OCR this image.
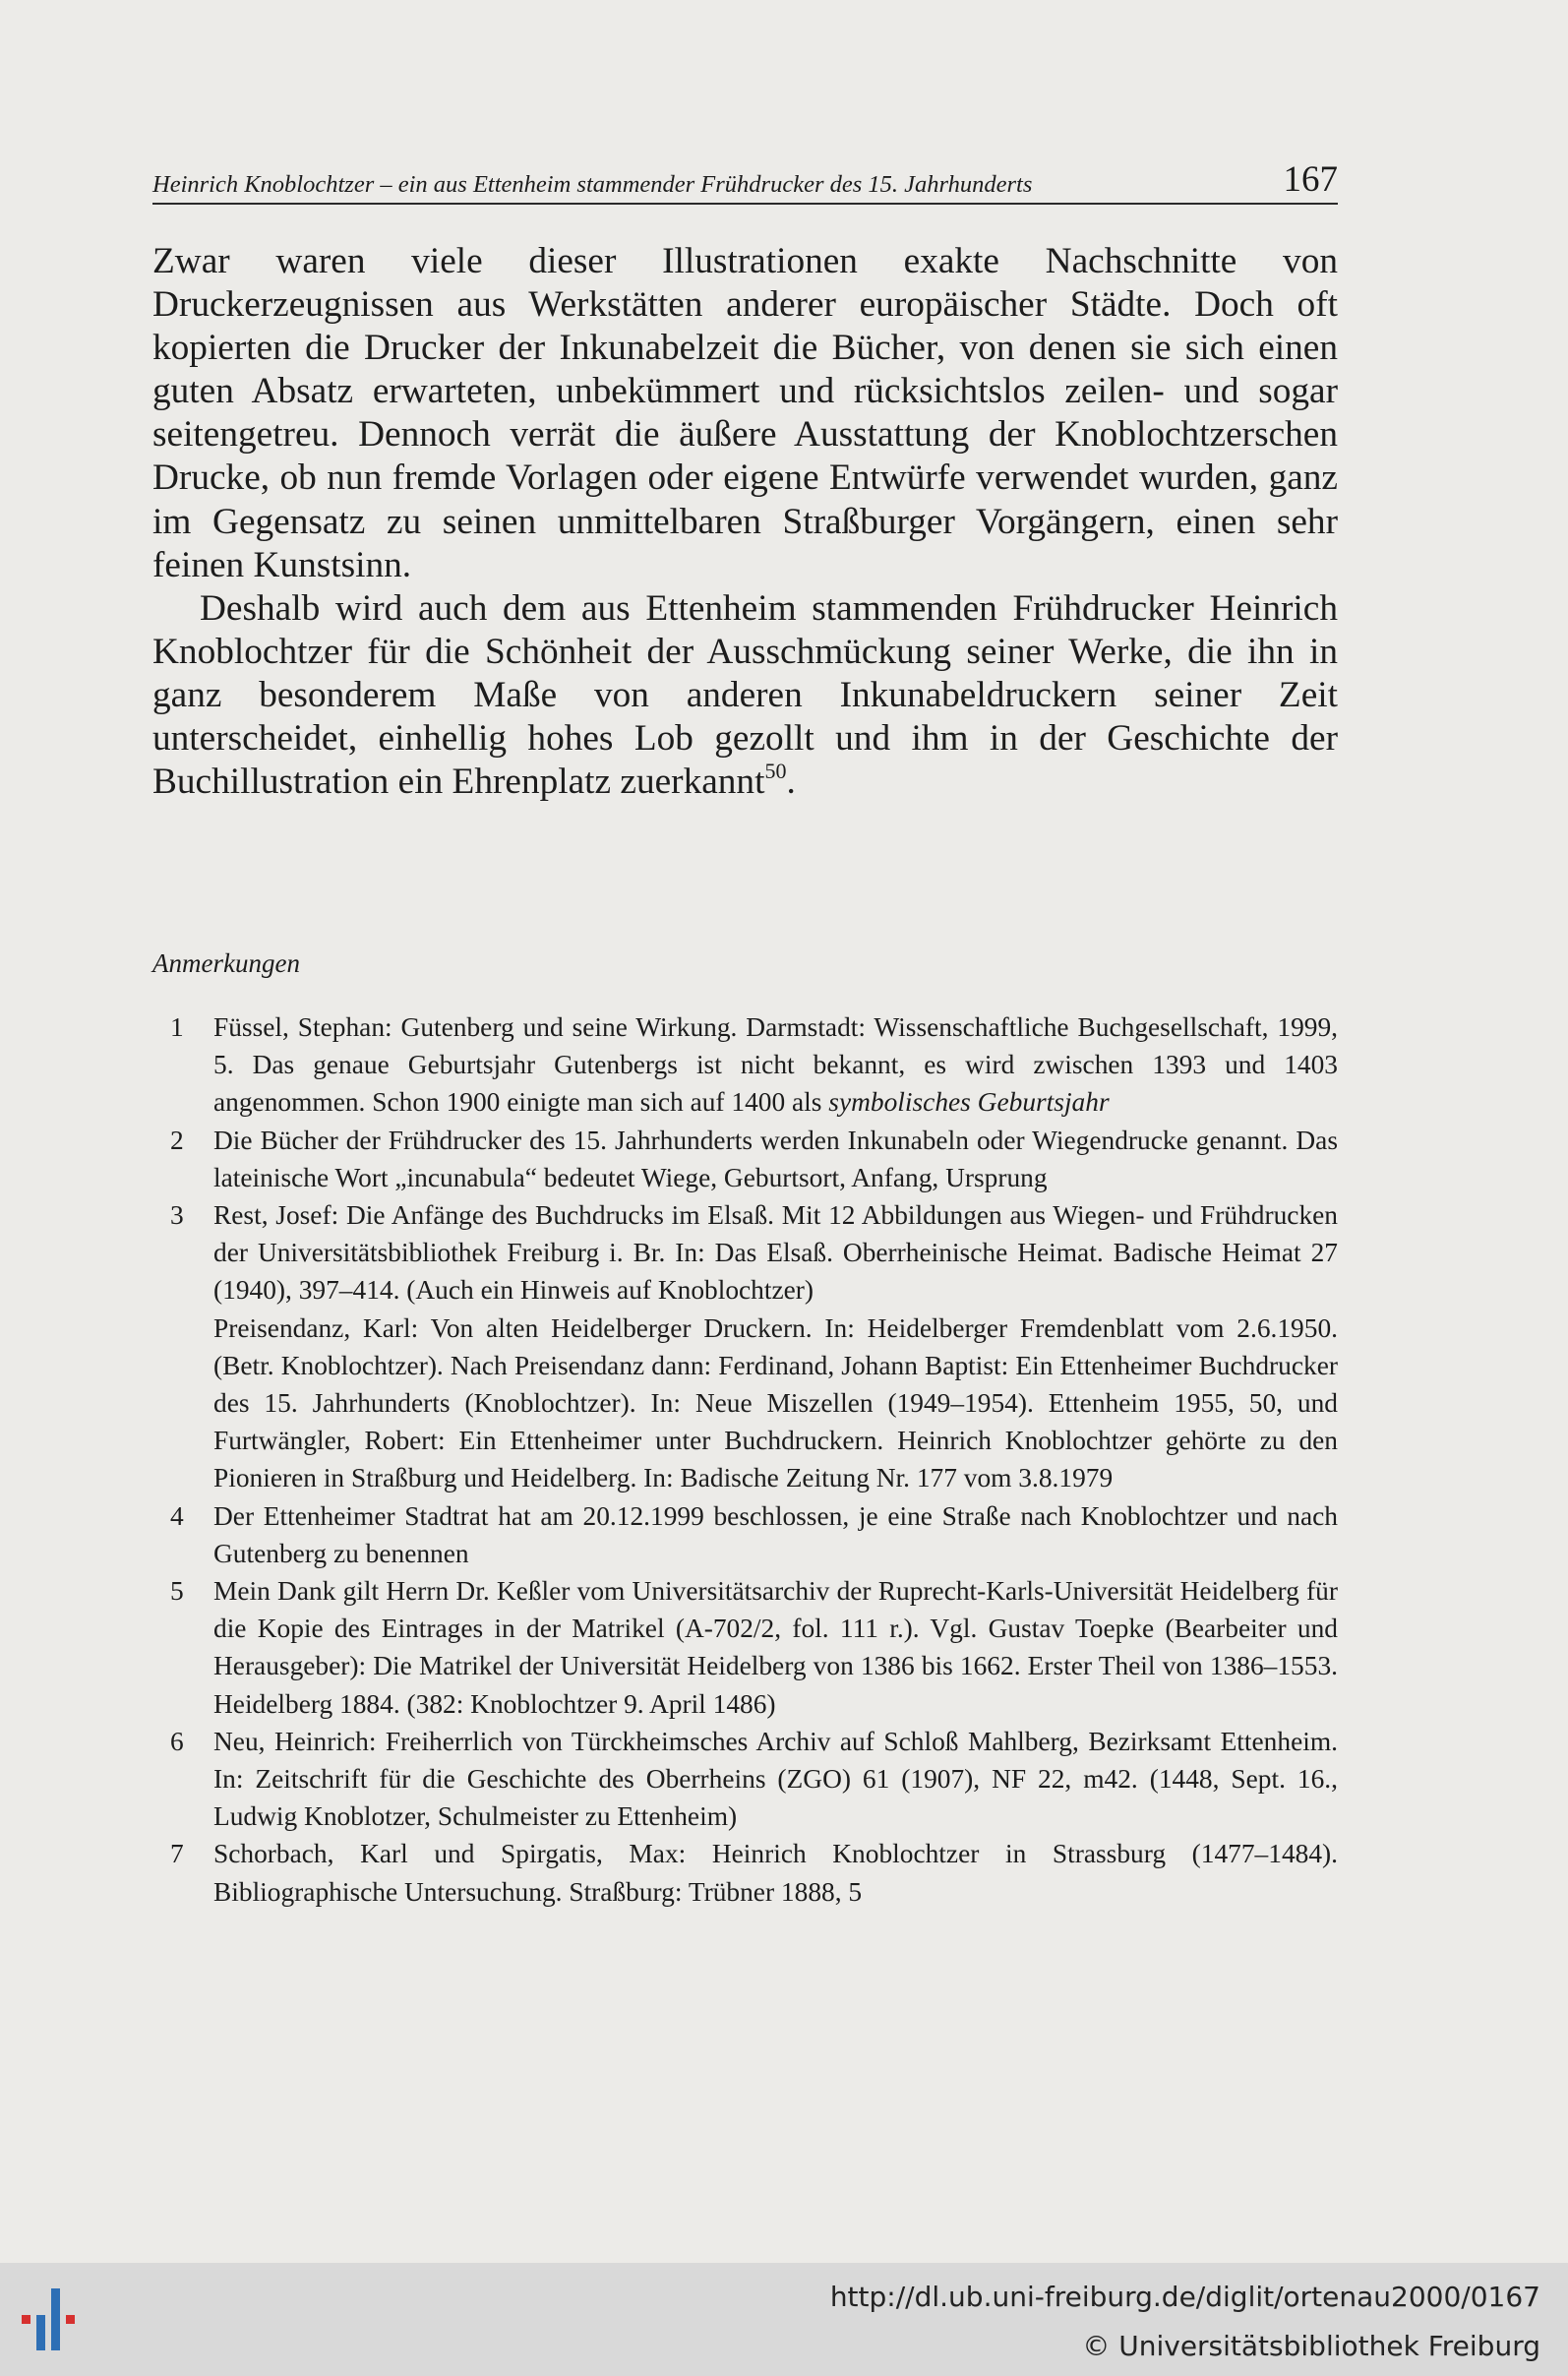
Heinrich Knoblochtzer – ein aus Ettenheim stammender Frühdrucker des 15. Jahrhunderts	167

Zwar waren viele dieser Illustrationen exakte Nachschnitte von Druckerzeugnissen aus Werkstätten anderer europäischer Städte. Doch oft kopierten die Drucker der Inkunabelzeit die Bücher, von denen sie sich einen guten Absatz erwarteten, unbekümmert und rücksichtslos zeilen- und sogar seitengetreu. Dennoch verrät die äußere Ausstattung der Knoblochtzerschen Drucke, ob nun fremde Vorlagen oder eigene Entwürfe verwendet wurden, ganz im Gegensatz zu seinen unmittelbaren Straßburger Vorgängern, einen sehr feinen Kunstsinn.

Deshalb wird auch dem aus Ettenheim stammenden Frühdrucker Heinrich Knoblochtzer für die Schönheit der Ausschmückung seiner Werke, die ihn in ganz besonderem Maße von anderen Inkunabeldruckern seiner Zeit unterscheidet, einhellig hohes Lob gezollt und ihm in der Geschichte der Buchillustration ein Ehrenplatz zuerkannt$^{50}$.

Anmerkungen
1	Füssel, Stephan: Gutenberg und seine Wirkung. Darmstadt: Wissenschaftliche Buchgesellschaft, 1999, 5. Das genaue Geburtsjahr Gutenbergs ist nicht bekannt, es wird zwischen 1393 und 1403 angenommen. Schon 1900 einigte man sich auf 1400 als symbolisches Geburtsjahr
2	Die Bücher der Frühdrucker des 15. Jahrhunderts werden Inkunabeln oder Wiegendrucke genannt. Das lateinische Wort „incunabula“ bedeutet Wiege, Geburtsort, Anfang, Ursprung
3	Rest, Josef: Die Anfänge des Buchdrucks im Elsaß. Mit 12 Abbildungen aus Wiegen- und Frühdrucken der Universitätsbibliothek Freiburg i. Br. In: Das Elsaß. Oberrheinische Heimat. Badische Heimat 27 (1940), 397–414. (Auch ein Hinweis auf Knoblochtzer)

Preisendanz, Karl: Von alten Heidelberger Druckern. In: Heidelberger Fremdenblatt vom 2.6.1950. (Betr. Knoblochtzer). Nach Preisendanz dann: Ferdinand, Johann Baptist: Ein Ettenheimer Buchdrucker des 15. Jahrhunderts (Knoblochtzer). In: Neue Miszellen (1949–1954). Ettenheim 1955, 50, und Furtwängler, Robert: Ein Ettenheimer unter Buchdruckern. Heinrich Knoblochtzer gehörte zu den Pionieren in Straßburg und Heidelberg. In: Badische Zeitung Nr. 177 vom 3.8.1979

4	Der Ettenheimer Stadtrat hat am 20.12.1999 beschlossen, je eine Straße nach Knoblochtzer und nach Gutenberg zu benennen
5	Mein Dank gilt Herrn Dr. Keßler vom Universitätsarchiv der Ruprecht-Karls-Universität Heidelberg für die Kopie des Eintrages in der Matrikel (A-702/2, fol. 111 r.). Vgl. Gustav Toepke (Bearbeiter und Herausgeber): Die Matrikel der Universität Heidelberg von 1386 bis 1662. Erster Theil von 1386–1553. Heidelberg 1884. (382: Knoblochtzer 9. April 1486)
6	Neu, Heinrich: Freiherrlich von Türckheimsches Archiv auf Schloß Mahlberg, Bezirksamt Ettenheim. In: Zeitschrift für die Geschichte des Oberrheins (ZGO) 61 (1907), NF 22, m42. (1448, Sept. 16., Ludwig Knoblotzer, Schulmeister zu Ettenheim)
7	Schorbach, Karl und Spirgatis, Max: Heinrich Knoblochtzer in Strassburg (1477–1484). Bibliographische Untersuchung. Straßburg: Trübner 1888, 5
http://dl.ub.uni-freiburg.de/diglit/ortenau2000/0167
© Universitätsbibliothek Freiburg
